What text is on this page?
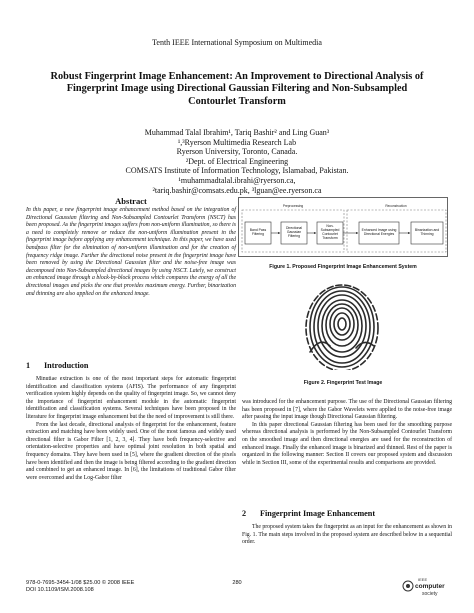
Tenth IEEE International Symposium on Multimedia
Robust Fingerprint Image Enhancement: An Improvement to Directional Analysis of
Fingerprint Image using Directional Gaussian Filtering and Non-Subsampled
Contourlet Transform
Muhammad Talal Ibrahim¹, Tariq Bashir² and Ling Guan³
¹,³Ryerson Multimedia Research Lab
Ryerson University, Toronto, Canada.
²Dept. of Electrical Engineering
COMSATS Institute of Information Technology, Islamabad, Pakistan.
¹muhammadtalal.ibrahi@ryerson.ca,
²tariq.bashir@comsats.edu.pk, ³lguan@ee.ryerson.ca
Abstract
In this paper, a new fingerprint image enhancement method based on the integration of Directional Gaussian filtering and Non-Subsampled Contourlet Transform (NSCT) has been proposed. As the fingerprint images suffers from non-uniform illumination, so there is a need to completely remove or reduce the non-uniform illumination present in the fingerprint image before applying any enhancement technique. In this paper, we have used bandpass filter for the elimination of non-uniform illumination and for the creation of frequency ridge image. Further the directional noise present in the fingerprint image have been removed by using the Directional Gaussian filter and the noise-free image was decomposed into Non-Subsampled directional images by using NSCT. Lately, we construct an enhanced image through a block-by-block process which compares the energy of all the directional images and picks the one that provides maximum energy. Further, binarization and thinning are also applied on the enhanced image.
Preprocessing	Reconstruction
Band Pass Filtering
Directional Gaussian Filtering
Non-Subsampled Contourlet Transform
Enhanced Image using Directional Energies
Binarization and Thinning
Figure 1. Proposed Fingerprint Image Enhancement System
Figure 2. Fingerprint Test Image
1 Introduction

Minutiae extraction is one of the most important steps for automatic fingerprint identification and classification systems (AFIS). The performance of any fingerprint verification system highly depends on the quality of fingerprint image. So, we cannot deny the importance of fingerprint enhancement module in the automatic fingerprint identification and classification systems. Several techniques have been proposed in the literature for fingerprint image enhancement but the the need of improvement is still there.

From the last decade, directional analysis of fingerprint for the enhancement, feature extraction and matching have been widely used. One of the most famous and widely used directional filter is Gabor Filter [1, 2, 3, 4]. They have both frequency-selective and orientation-selective properties and have optimal joint resolution in both spatial and frequency domains. They have been used in [5], where the gradient direction of the pixels have been identified and then the image is being filtered according to the gradient direction and combined to get an enhanced image. In [6], the limitations of traditional Gabor filter were overcomed and the Log-Gabor filter

was introduced for the enhancement purpose. The use of the Directional Gaussian filtering has been proposed in [7], where the Gabor Wavelets were applied to the noise-free image after passing the input image though Directional Gaussian filtering.

In this paper directional Gaussian filtering has been used for the smoothing purpose whereas directional analysis is performed by the Non-Subsampled Contourlet Transform on the smoothed image and then directional energies are used for the reconstruction of enhanced image. Finally the enhanced image is binarized and thinned. Rest of the paper is organized in the following manner: Section II covers our proposed system and discussion while in Section III, some of the experimental results and comparisons are provided.

2 Fingerprint Image Enhancement

The proposed system takes the fingerprint as an input for the enhancement as shown in Fig. 1. The main steps involved in the proposed system are described below in a sequential order.

978-0-7695-3454-1/08 $25.00 © 2008 IEEE
DOI 10.1109/ISM.2008.108
280
IEEE
computer
society
